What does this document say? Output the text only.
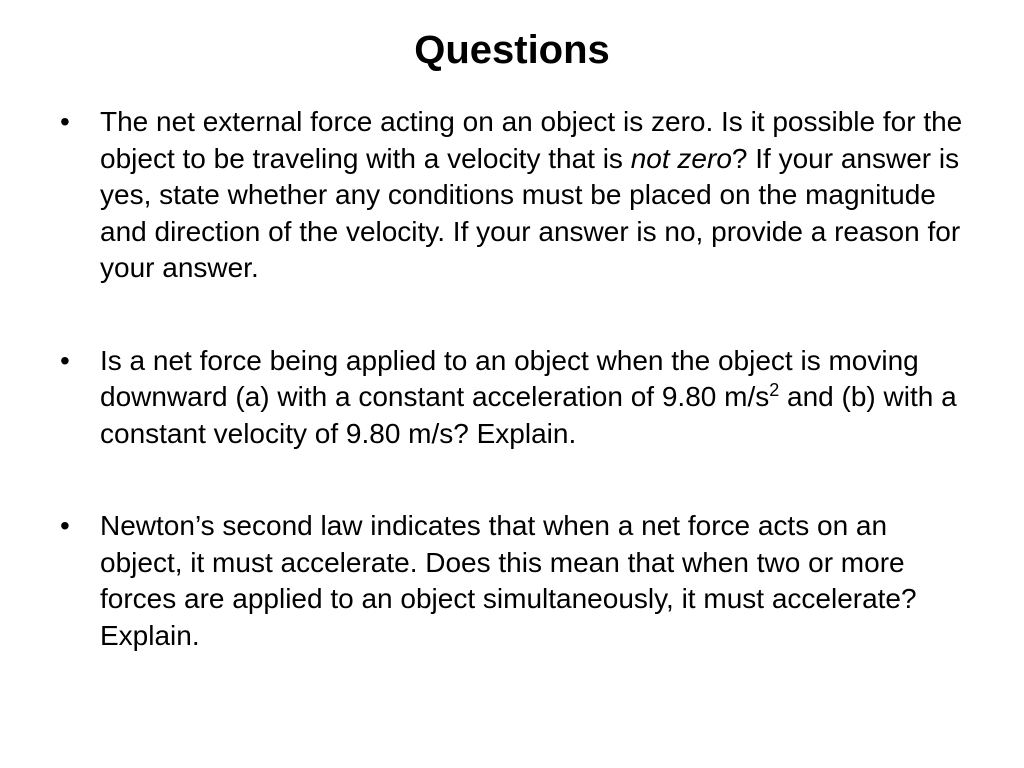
Questions
• The net external force acting on an object is zero. Is it possible for the object to be traveling with a velocity that is not zero? If your answer is yes, state whether any conditions must be placed on the magnitude and direction of the velocity. If your answer is no, provide a reason for your answer.
• Is a net force being applied to an object when the object is moving downward (a) with a constant acceleration of 9.80 $m/s^2$ and (b) with a constant velocity of 9.80 m/s? Explain.
• Newton’s second law indicates that when a net force acts on an object, it must accelerate. Does this mean that when two or more forces are applied to an object simultaneously, it must accelerate? Explain.
